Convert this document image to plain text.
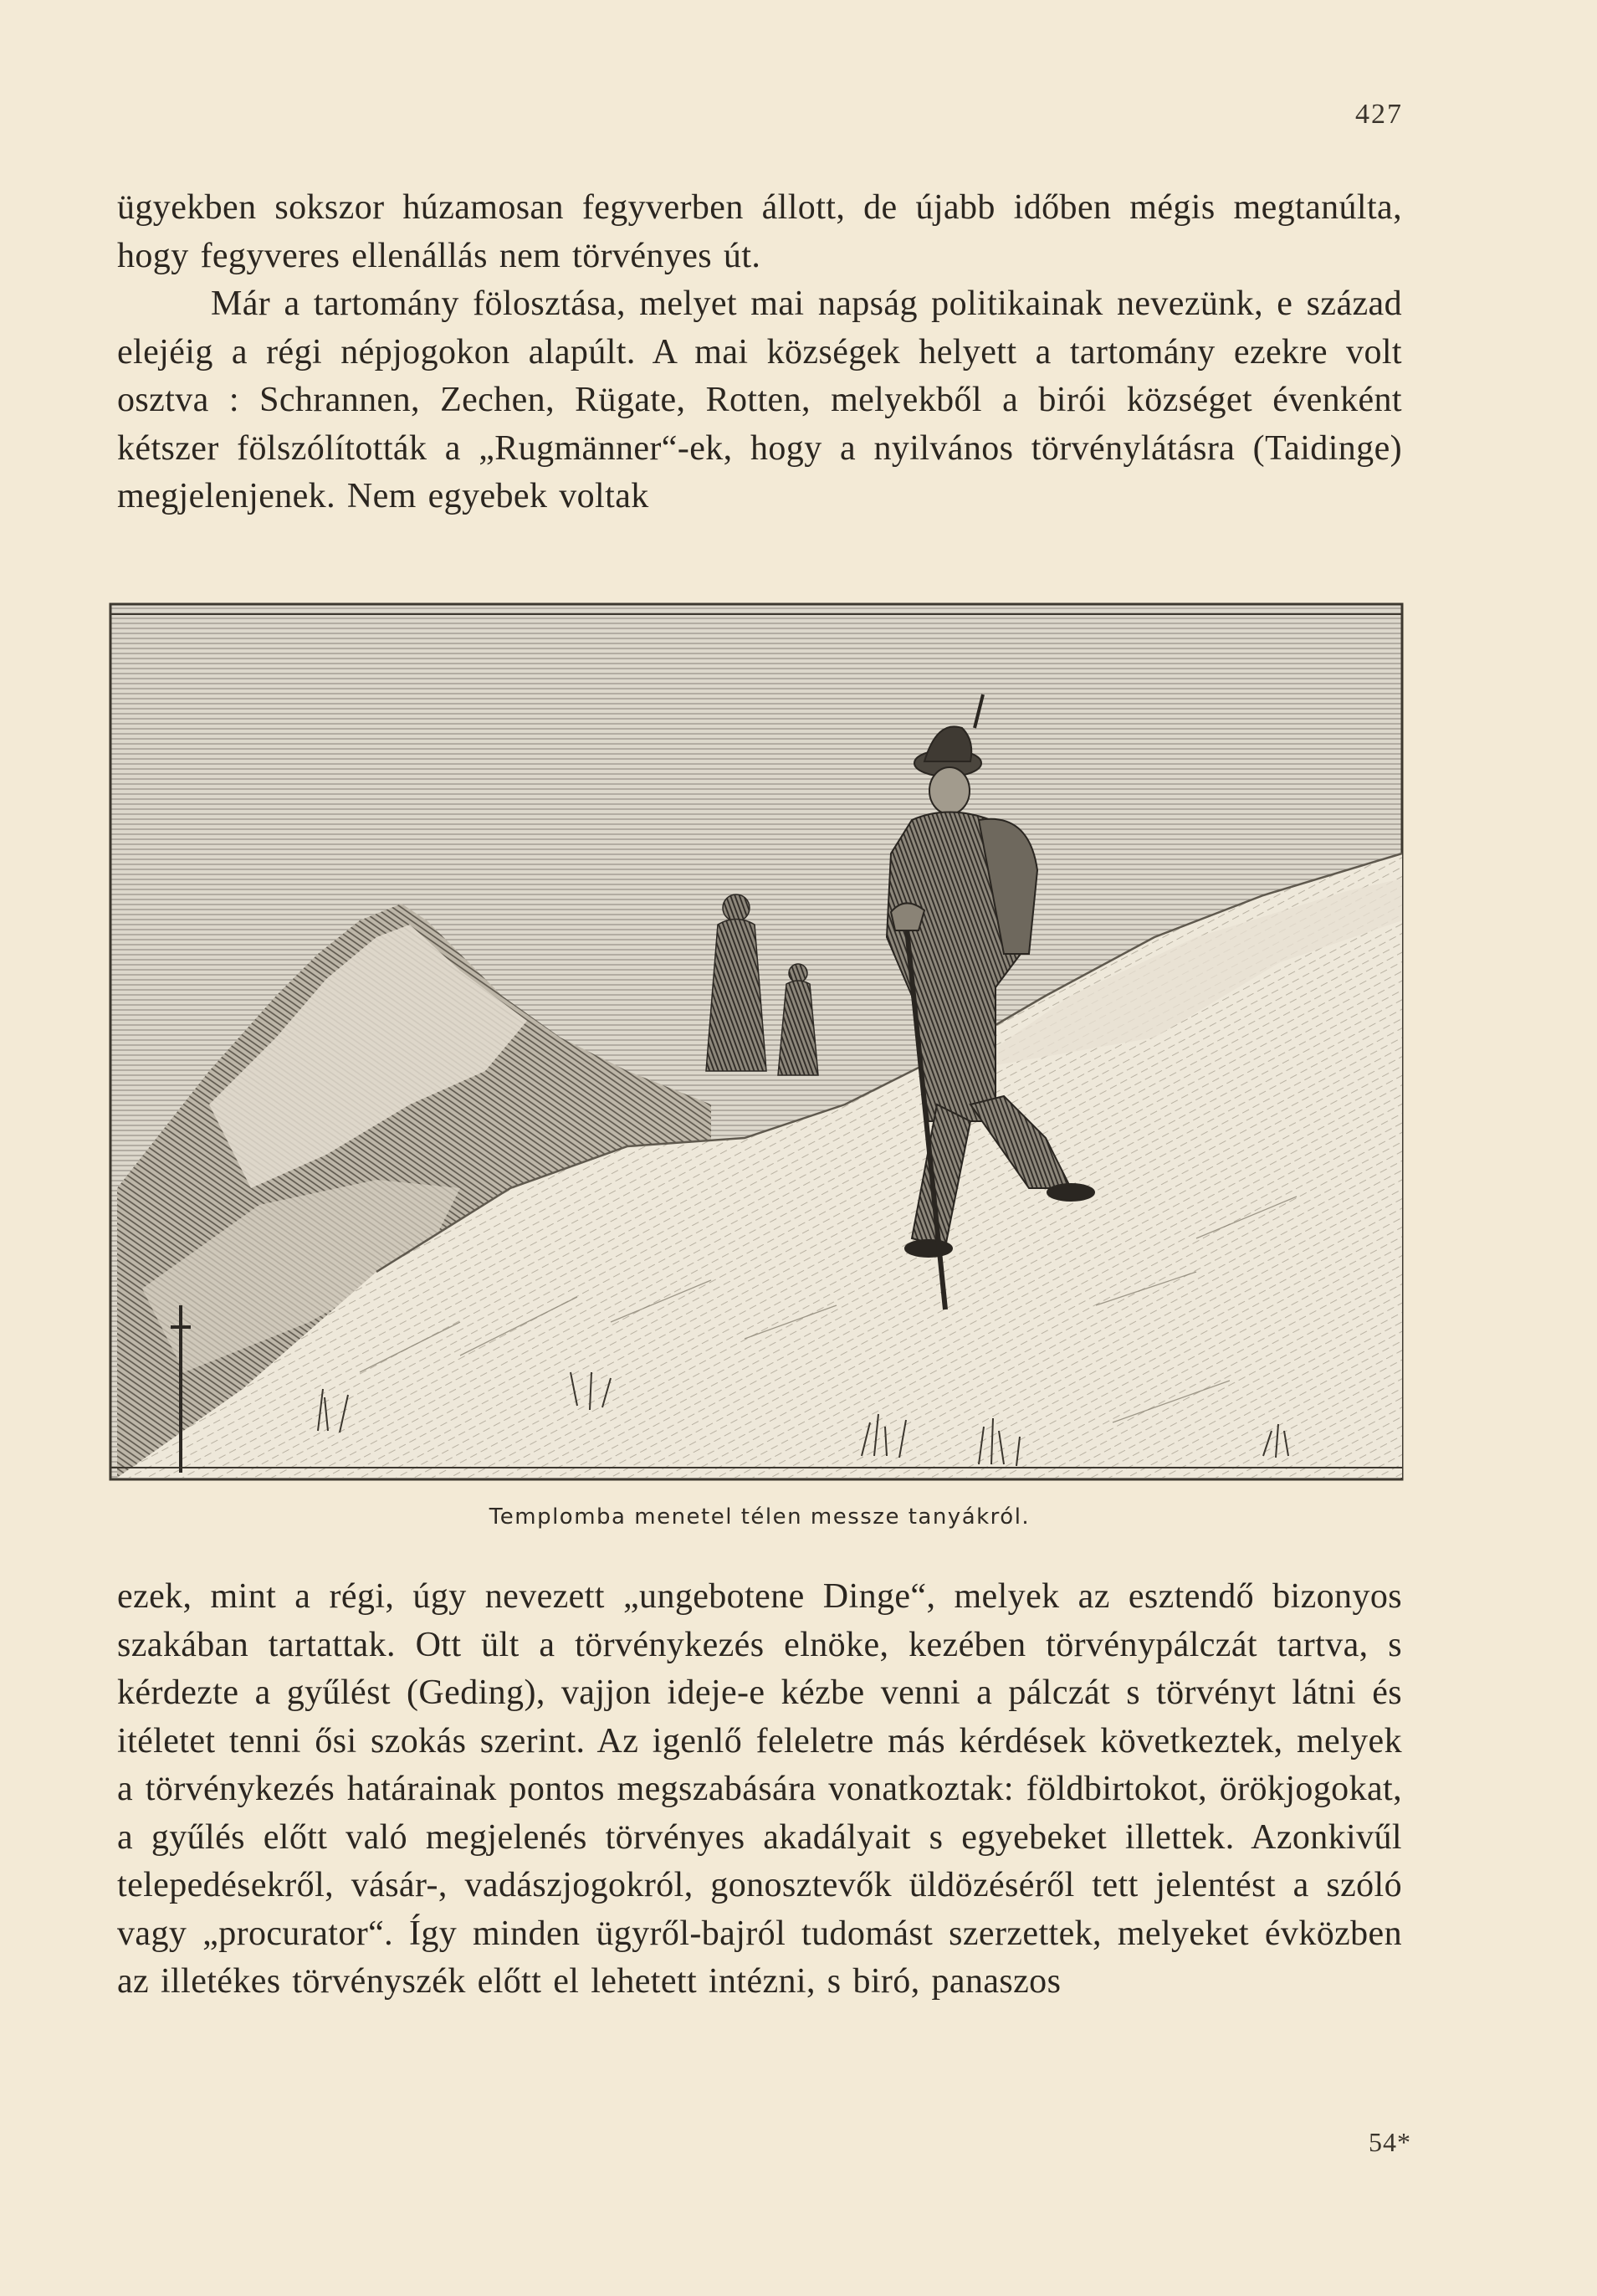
427

ügyekben sokszor húzamosan fegyverben állott, de újabb időben mégis megtanúlta, hogy fegyveres ellenállás nem törvényes út.

Már a tartomány fölosztása, melyet mai napság politikainak nevezünk, e század elejéig a régi népjogokon alapúlt. A mai községek helyett a tartomány ezekre volt osztva : Schrannen, Zechen, Rügate, Rotten, melyekből a birói községet évenként kétszer fölszólították a „Rugmänner“-ek, hogy a nyilvános törvénylátásra (Taidinge) megjelenjenek. Nem egyebek voltak

Templomba menetel télen messze tanyákról.

ezek, mint a régi, úgy nevezett „ungebotene Dinge“, melyek az esztendő bizonyos szakában tartattak. Ott ült a törvénykezés elnöke, kezében törvénypálczát tartva, s kérdezte a gyűlést (Geding), vajjon ideje-e kézbe venni a pálczát s törvényt látni és itéletet tenni ősi szokás szerint. Az igenlő feleletre más kérdések következtek, melyek a törvénykezés határainak pontos megszabására vonatkoztak: földbirtokot, örökjogokat, a gyűlés előtt való megjelenés törvényes akadályait s egyebeket illettek. Azonkivűl telepedésekről, vásár-, vadászjogokról, gonosztevők üldözéséről tett jelentést a szóló vagy „procurator“. Így minden ügyről-bajról tudomást szerzettek, melyeket évközben az illetékes törvényszék előtt el lehetett intézni, s biró, panaszos

54*
